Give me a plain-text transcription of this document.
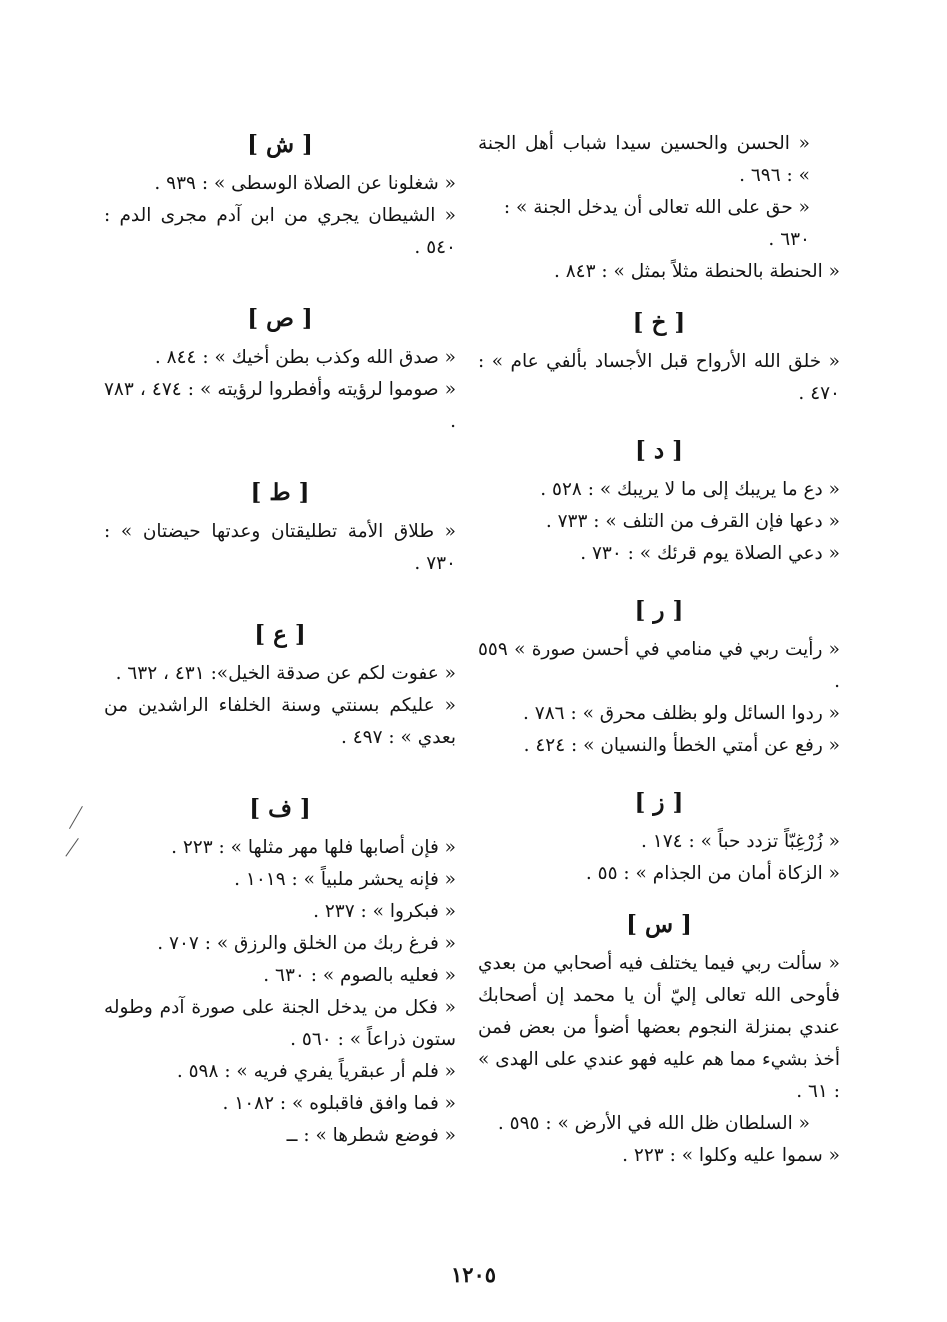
« الحسن والحسين سيدا شباب أهل الجنة » : ٦٩٦ .

« حق على الله تعالى أن يدخل الجنة » : ٦٣٠ .

« الحنطة بالحنطة مثلاً بمثل » : ٨٤٣ .

[ خ ]

« خلق الله الأرواح قبل الأجساد بألفي عام » : ٤٧٠ .

[ د ]

« دع ما يريبك إلى ما لا يريبك » : ٥٢٨ .

« دعها فإن القرف من التلف » : ٧٣٣ .

« دعي الصلاة يوم قرئك » : ٧٣٠ .

[ ر ]

« رأيت ربي في منامي في أحسن صورة » ٥٥٩ .

« ردوا السائل ولو بظلف محرق » : ٧٨٦ .

« رفع عن أمتي الخطأ والنسيان » : ٤٢٤ .

[ ز ]

« زُرْغِبّاً تزدد حباً » : ١٧٤ .

« الزكاة أمان من الجذام » : ٥٥ .

[ س ]

« سألت ربي فيما يختلف فيه أصحابي من بعدي فأوحى الله تعالى إليّ أن يا محمد إن أصحابك عندي بمنزلة النجوم بعضها أضوأ من بعض فمن أخذ بشيء مما هم عليه فهو عندي على الهدى » : ٦١ .

« السلطان ظل الله في الأرض » : ٥٩٥ .

« سموا عليه وكلوا » : ٢٢٣ .

[ ش ]

« شغلونا عن الصلاة الوسطى » : ٩٣٩ .

« الشيطان يجري من ابن آدم مجرى الدم : ٥٤٠ .

[ ص ]

« صدق الله وكذب بطن أخيك » : ٨٤٤ .

« صوموا لرؤيته وأفطروا لرؤيته » : ٤٧٤ ، ٧٨٣ .

[ ط ]

« طلاق الأمة تطليقتان وعدتها حيضتان » : ٧٣٠ .

[ ع ]

« عفوت لكم عن صدقة الخيل»: ٤٣١ ، ٦٣٢ .

« عليكم بسنتي وسنة الخلفاء الراشدين من بعدي » : ٤٩٧ .

[ ف ]

« فإن أصابها فلها مهر مثلها » : ٢٢٣ .

« فإنه يحشر ملبياً » : ١٠١٩ .

« فبكروا » : ٢٣٧ .

« فرغ ربك من الخلق والرزق » : ٧٠٧ .

« فعليه بالصوم » : ٦٣٠ .

« فكل من يدخل الجنة على صورة آدم وطوله ستون ذراعاً » : ٥٦٠ .

« فلم أر عبقرياً يفري فريه » : ٥٩٨ .

« فما وافق فاقبلوه » : ١٠٨٢ .

« فوضع شطرها » : ــ

١٢٠٥
